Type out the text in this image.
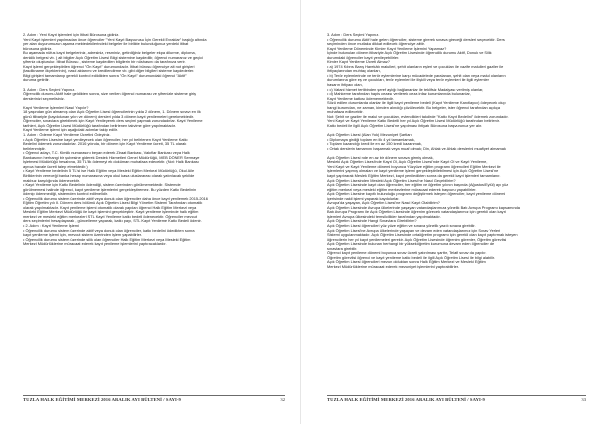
2. Adım : Yeni Kayıt işlemleri için İtibat Bürosuna gidiniz.

Yeni Kayıt işlemleri yapılmadan önce öğrenciler "Yeni Kayıt Başvurusu İçin Gerekli Evraklar" başlığı altında

yer alan duyurumuzun aşama mektedekilerindeki belgeler ile birlikte bulunduğunuz yerdeki itibat

bürosuna gidiniz.

Bu aşamada nüfus kayıt belgeleriniz, adresiniz, resminiz, getirdiğiniz belgeler ekpa dilurme, diploma,

denklik belgesi vb. ) alt bilgiler Açık Öğretim Lisesi Bilgi sistemine kaydedilir, öğrenci numaranız ve geçici

şifreniz oluşturulur. İtibat Bürosu , sisteme kaydedilen bilgilerin bir nüshasını da tarafınıza verir.

Kayıt işlemi gerçekleştirilen öğrenci "Ön Kayıt" durumundadır. İtibat bürosu öğrenciye ait not girişleri

(tasdikname ölçeklerinin), nasıl aktarımı ve kredilendirme vb. gibi diğer bilgileri sisteme kaydederler.

Bilgi girişleri tamamlanıp gerekli kontrol edildikten sonra "Ön Kayıt" durumundaki öğrenci "Aktif"

duruma getirilir.

3. Adım : Ders Seçimi Yapınız.

Öğrencilik durumu Aktif hale geldikten sonra, size verilen öğrenci numarası ve şifrenizle sisteme giriş

derslerinizi seçmelisiniz.

Kayıt Yenileme İşlemleri Nasıl Yapılır?

18 yaşından gün almamış olan Açık Öğretim Lisesi öğrencilerinin yılda 2 dönem, 1. Dönem sınavı en ilk

günü itibariyle (kaydolunan yılın ve dönem) dersleri yılda 3 dönem kayıt yenilemeleri gerekmektedir.

Öğrenciler, sınavlara girebilmek için Kayıt Yenileyerek ders seçimi yapmak zorundadırlar. Kayıt Yenileme

tarihleri, Açık Öğretim Lisesi Müdürlüğü tarafından belirlenen takvime göre yapılmaktadır.

Kayıt Yenileme işlemi için aşağıdaki adımlar takip edilir.

1. Adım : Ödeme Kayıt Yenileme Ücretini Ödeyiniz.

• Açık Öğretim Lisesine kayıt yenileyecek olan öğrenciler, her yıl belirlenen Kayıt Yenileme Katkı

Bedelini ödemek zorundadırlar. 2016 yılında, bir dönem için Kayıt Yenileme ücreti, 35 TL olarak

belirlenmiştir.

• Öğrenci adayı, T.C. Kimlik numarasını beyan ederek Ziraat Bankası, Vakıflar Bankası veya Halk

Bankasının herhangi bir şubesine giderek Destek Hizmetleri Genel Müdürlüğü, MEB DÖNER Sermaye

İşletmesi Müdürlüğü hesabına, 35 TL'lik ödemeyi ek doküman muhafaza edecektir. (Not: Halk Bankası

ayrıca havale ücreti talep etmektedir.)

• Kayıt Yenileme bedelinin 5 TL'si ise Halk Eğitim veya Mesleki Eğitim Merkezi Müdürlüğü, Okul Aile

Birliklerinin vereceği banka hesap numarasına veya okul kasa uluslararası olarak yatırılacak şekilde

makbuz karşılığında ödenecektir.

• Kayıt Yenileme için Katkı Bedelinin ödendiği, sistem üzerinden görülmemektedir. Sistemde

görülmemesi halinde öğrenci, kayıt yenileme işlemlerini gerçekleştiremez. Bu yüzden Katkı Bedelinin

ödenip ödenmediği, sistemden kontrol edilmelidir.

• Öğrencilik durumu sistem üzerinde aktif veya donuk olan öğrenciler daha önce kayıt yenilemek 2015-2016

Eğitim Öğretim yılı II. Dönem ders bölümü Açık Öğretim Lisesi Bilgi Yönetim Sistemi Tarafından otomatik

olarak yapılmaktadır. Kayıt yenileme işlemi otomatik olarak yapılan öğrenci Halk Eğitim Merkezi veya

Mesleki Eğitim Merkezi Müdürlüğü ile kayıt işlemini gerçekleştirir. Kayıt yenileme işleminde halk eğitim

merkezi ve mesleki eğitim merkezleri STL Kayıt Yenileme katkı bedeli ödenecektir. Öğrenciler mevcut

ders seçimlerini hesaplayarak , güncelleme yaparak, katkı payı, STL Kayıt Yenileme Katkı Bedeli ödenir.

• 2. Adım : Kayıt Yenileme İşlemi

• Öğrencilik durumu sistem üzerinde aktif veya donuk olan öğrenciler, katkı bedelini ödedikten sonra

kayıt yenileme işlemi için, mevcut sistem üzerinden işlem yapabilirler.

• Öğrencilik durumu sistem üzerinde silik olan öğrenciler Halk Eğitim Merkezi veya Mesleki Eğitim

Merkezi Müdürlüklerine müracaat ederek kayıt yenileme işlemlerini yaptıracaklardır.

TUZLA HALK EĞİTİMİ MERKEZİ 2016 ARALIK AYI BÜLTENİ / SAYI-9	32

3. Adım : Ders Seçimi Yapınız.

• Öğrencilik durumu Aktif hale gelen öğrenciler, sisteme girerek sınava gireceği dersleri seçecektir. Ders

seçiminden önce mutlaka dikkat edilecek öğrenciye aittir.

Kayıt Yenileme Döneminde Kimler Kayıt Yenileme İşlemini Yapamaz?

İçinde bulunulan dönem itibariyle Açık Öğretim Lisesinde öğrencilik durumu Aktif, Donuk ve Silik

durumdaki öğrenciler kayıt yenileyebilirler.

Kimler Kayıt Yenileme Ücreti Almaz?

• a) 1974 Kıbrıs Barış Harekâtı malulleri, şehit olanların eşleri ve çocukları ile vazife malulleri gaziler ile

ihtiyaçlarından muhtaç olanları,

• b) Terör eylemlerinde ve terör eylemlerine karşı mücadelede yaralanan, şehit olan veya malul olanların

durumlarına göre eş ve çocukları, terör eylemleri ile ilişkili veya terör eylemleri ile ilgili eylemler

hasarın ihtiyacı olan,

• c) Vatani hizmet tertibinden şeref aylığı bağlananlar ile teklifsiz Madalyası verilmiş olanlar,

• d) Mahkeme tarafından hapis cezası verilerek ceza infaz kurumlarında bulunanlar,

Kayıt Yenileme katkısı ödememektedir.

Sözü edilen durumlarda olanlar ile ilgili kayıt yenileme bedeli (Kayıt Yenileme Kanıtlayıcı) ödeyecek olup

hangi kurumdan, ne zaman, kimden alındığı çözülecektir. Bu belgeler, ister öğrenci tarafından açıkça

muhafaza edilecektir.

Not: Şehit ve gaziler ile malul ve çocukları, evlendikleri takdirde "Katkı Kayıt Bedelini" ödemek zorundadır.

Yeni Kayıt ve Kayıt Yenileme Katkı Bedelli her yıl Açık Öğretim Lisesi Müdürlüğü tarafından belirlenir.

Katkı bedeli ile ilgili Açık Öğretim Lisesi'ne yapılması ihtiyatı Bürosuna başvurunuz yer alır.

Açık Öğretim Lisesi (Alan Yok) Mezuniyet Şartları

• Diplomaya girdiği toplam en ilk 4 yıl tamamlamak,

• Toplam kazandığı kredi ile en az 150 kredi kazanmak,

• Ortak derslerin tamamını başarmak veya muaf olmak; Din, Ahlak ve Ahlak derslerini muafiyet almamak

Açık Öğretim Lisesi nde en az bir dönem sınava girmiş olmak,

Mesleki Açık Öğretim Lisesi'nde Kayıt Ol, Açık Öğretim Lisesi'nde Kayıt Ol ve Kayıt Yenileme,

Yeni Kayıt ve Kayıt Yenileme dönemi boyunca Yüzyüze eğitim programı öğrencileri Eğitim Merkezi ile

işlemlerini yapmış olmaları ve kayıt yenileme işlemi gerçekleştirilebilmesi için Açık Öğretim Lisesi'ne

kayıt yaptırarak Meslek Eğitim Merkezi, kayıt yeniledikten sonra da gerekli kayıt işlemleri tamamlanır.

Açık Öğretim Lisesinden Mesleki Açık Öğretim Lisesi'ne Nasıl Geçebilirim?

Açık Öğretim Lisesinde kayıt olan öğrenciler, her eğitim ve öğretim yılının başında (Ağustos/Eylül) ayı yüz

eğitim merkezi veya mesleki eğitim merkezlerine müracaat ederek başvuru yapabilirler.

Açık Öğretim Lisesine kayıtlı bulunduğu programı değiştirmek isteyen öğrenciler, kayıt yenileme dönemi

içerisinde nakil işlemi yaparak kaydolurlar.

Avrupa'da yaşayan, Açık Öğretim Lisesi'ne Nasıl Kayıt Olabilirim?

Açık Öğretim Lisesinde Avrupa ülkelerinde yaşayan vatandaşlarımıza yönelik Batı Avrupa Programı kapsamında

Batı Avrupa Programı ile Açık Öğretim Lisesinde öğrenim görecek vatandaşlarımız için gerekli olan kayıt

işlemleri Avrupa ülkesindeki temsilcilikler tarafından yapılmaktadır.

Açık Öğretim Lisesinde Hangi Sınavlara Girebilirim?

Açık Öğretim Lisesi öğrencileri yüz yüze eğitim ve sınava yönelik yazılı sınava girebilir.

Açık Öğretim Lisesi'ne Avrupa ülkelerinde yaşayan ve devam eden vatandaşlarımız için Sınav Yerleri

Sistemi uygulanmaktadır. Açık Öğretim Lisesinde ortaöğretim programı için gerekli olan kayıt yaptırmak isteyen

öğrencilerin her yıl kayıt yenilemeleri gerekir. Açık Öğretim Lisesinde öğrenim görenler, Öğretim görevlisi

Açık Öğretim Lisesinde bulunan herhangi bir yükseköğretim kurumuna devam eden öğrenciler de

sınavlara girebilir.

Öğrenci kayıt yenileme dönemi boyunca sınav ücreti yatırılması şarttır, Telafi sınav da yapılır.

Öğretim görevlisi öğrenci ve kayıt yenileme katkı bedeli ile ilgili Açık Öğretim Lisesi ile bilgi alabilir.

Açık Öğretim Lisesi öğrencileri mezun olduktan sonra Halk Eğitim Merkezi ve Mesleki Eğitim

Merkezi Müdürlüklerine müracaat ederek mezuniyet işlemlerini yaptırabilirler.

TUZLA HALK EĞİTİMİ MERKEZİ 2016 ARALIK AYI BÜLTENİ / SAYI-9	33
